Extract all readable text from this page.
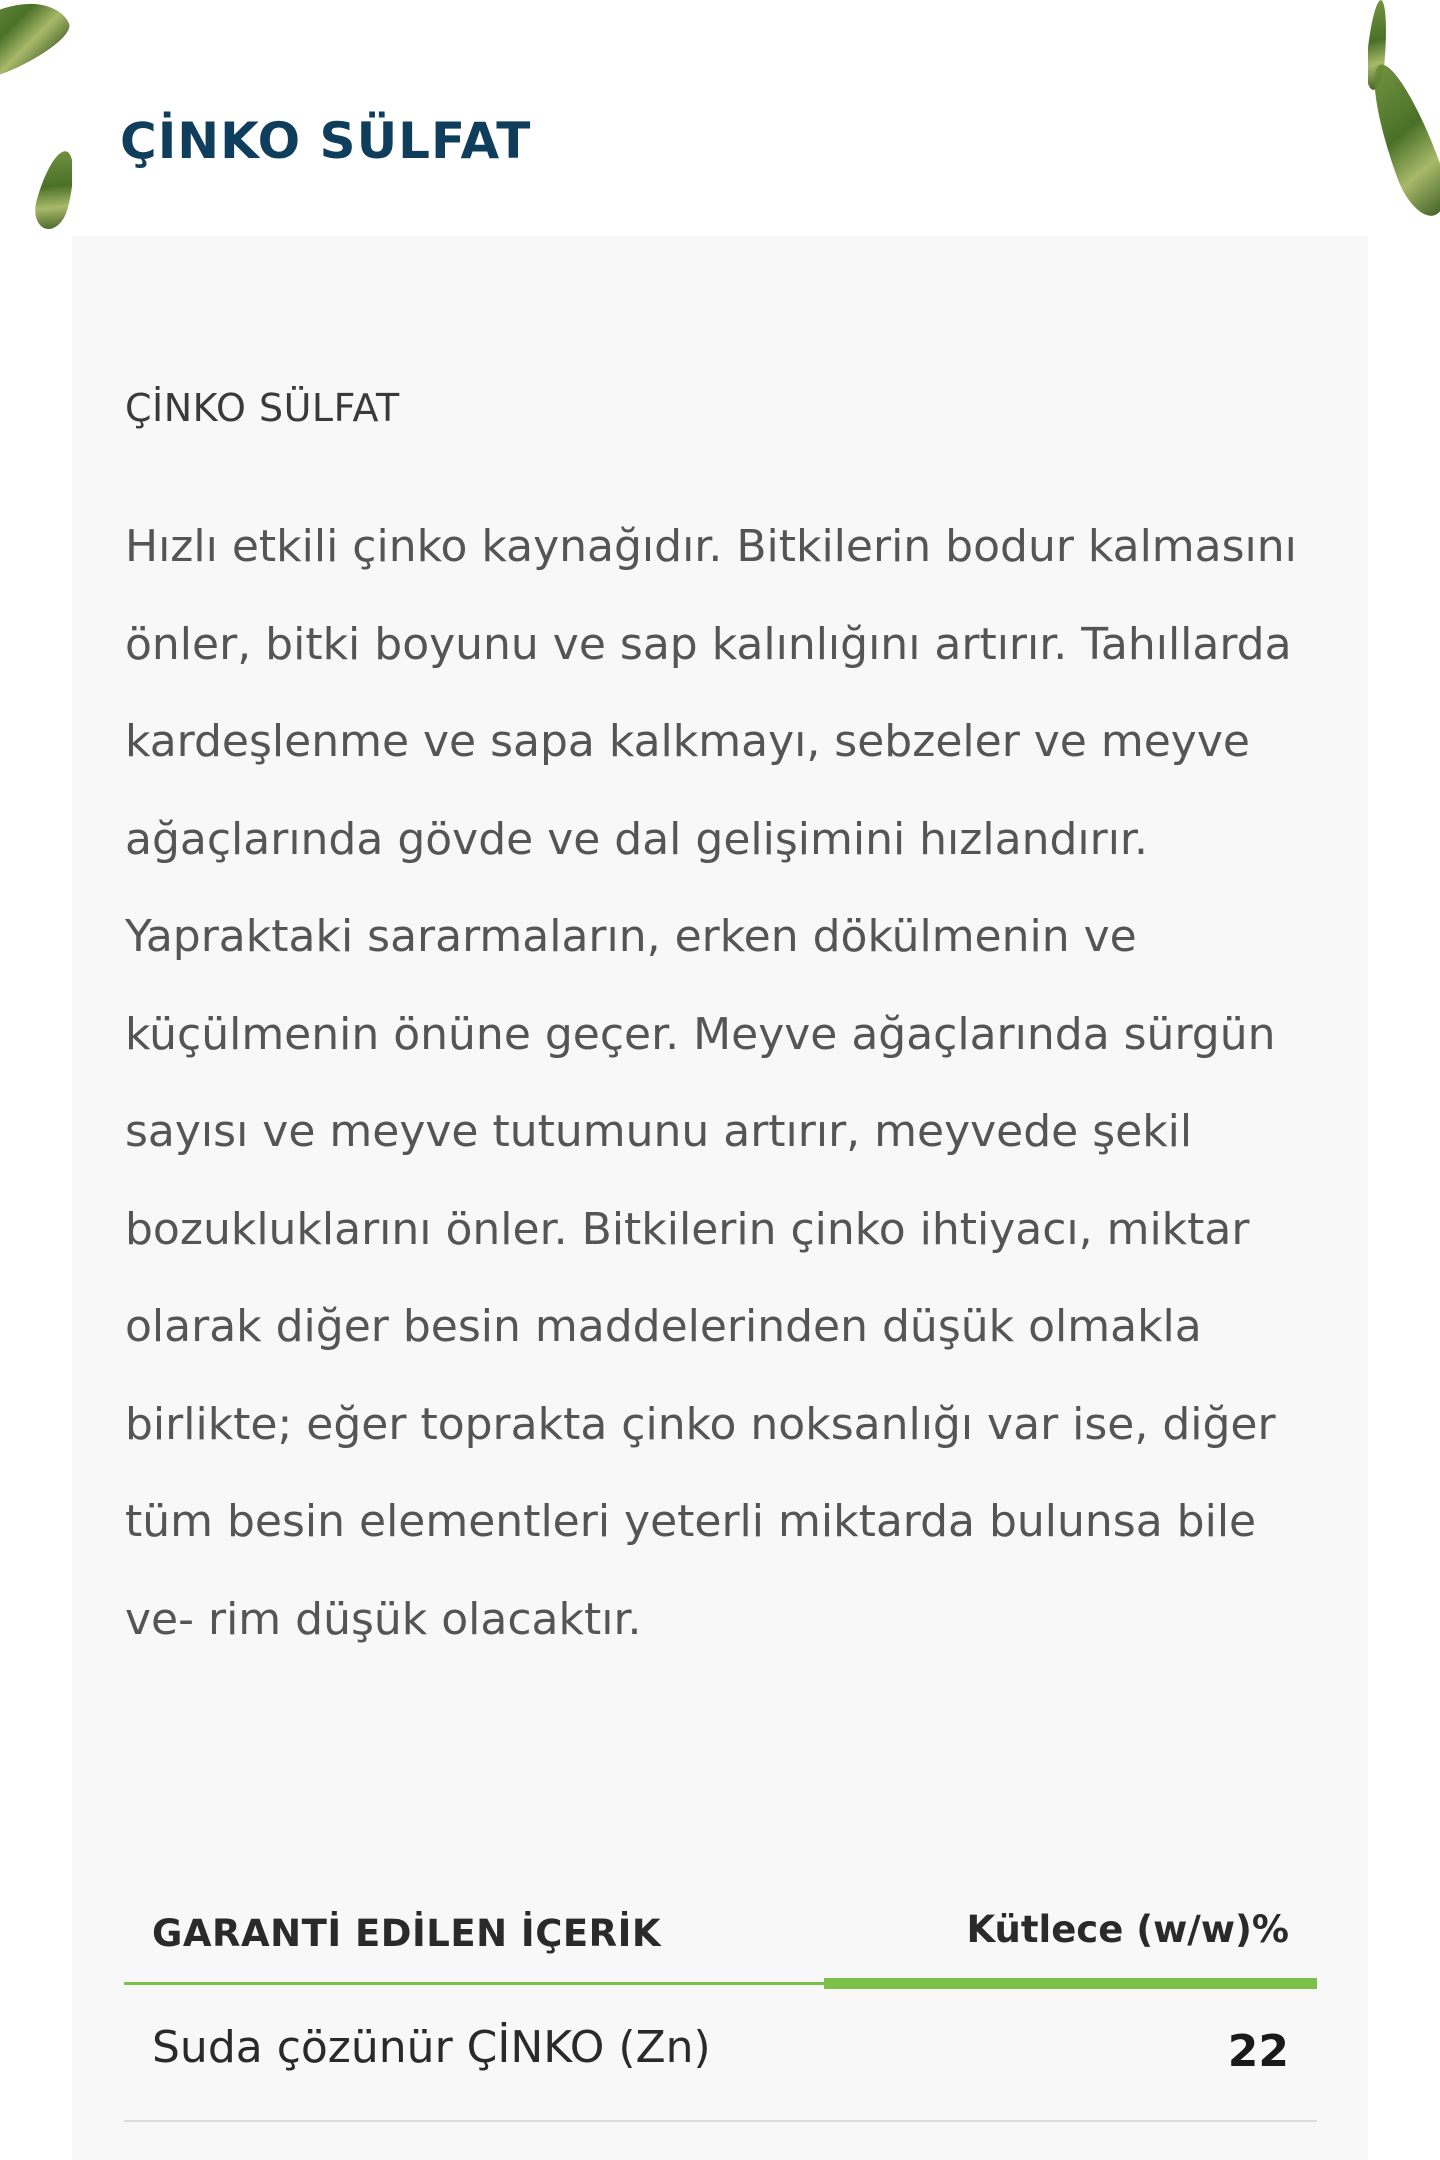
ÇİNKO SÜLFAT
ÇİNKO SÜLFAT

Hızlı etkili çinko kaynağıdır. Bitkilerin bodur kalmasını önler, bitki boyunu ve sap kalınlığını artırır. Tahıllarda kardeşlenme ve sapa kalkmayı, sebzeler ve meyve ağaçlarında gövde ve dal gelişimini hızlandırır. Yapraktaki sararmaların, erken dökülmenin ve küçülmenin önüne geçer. Meyve ağaçlarında sürgün sayısı ve meyve tutumunu artırır, meyvede şekil bozukluklarını önler. Bitkilerin çinko ihtiyacı, miktar olarak diğer besin maddelerinden düşük olmakla birlikte; eğer toprakta çinko noksanlığı var ise, diğer tüm besin elementleri yeterli miktarda bulunsa bile ve- rim düşük olacaktır.

GARANTİ EDİLEN İÇERİK	Kütlece (w/w)%
Suda çözünür ÇİNKO (Zn)	22
